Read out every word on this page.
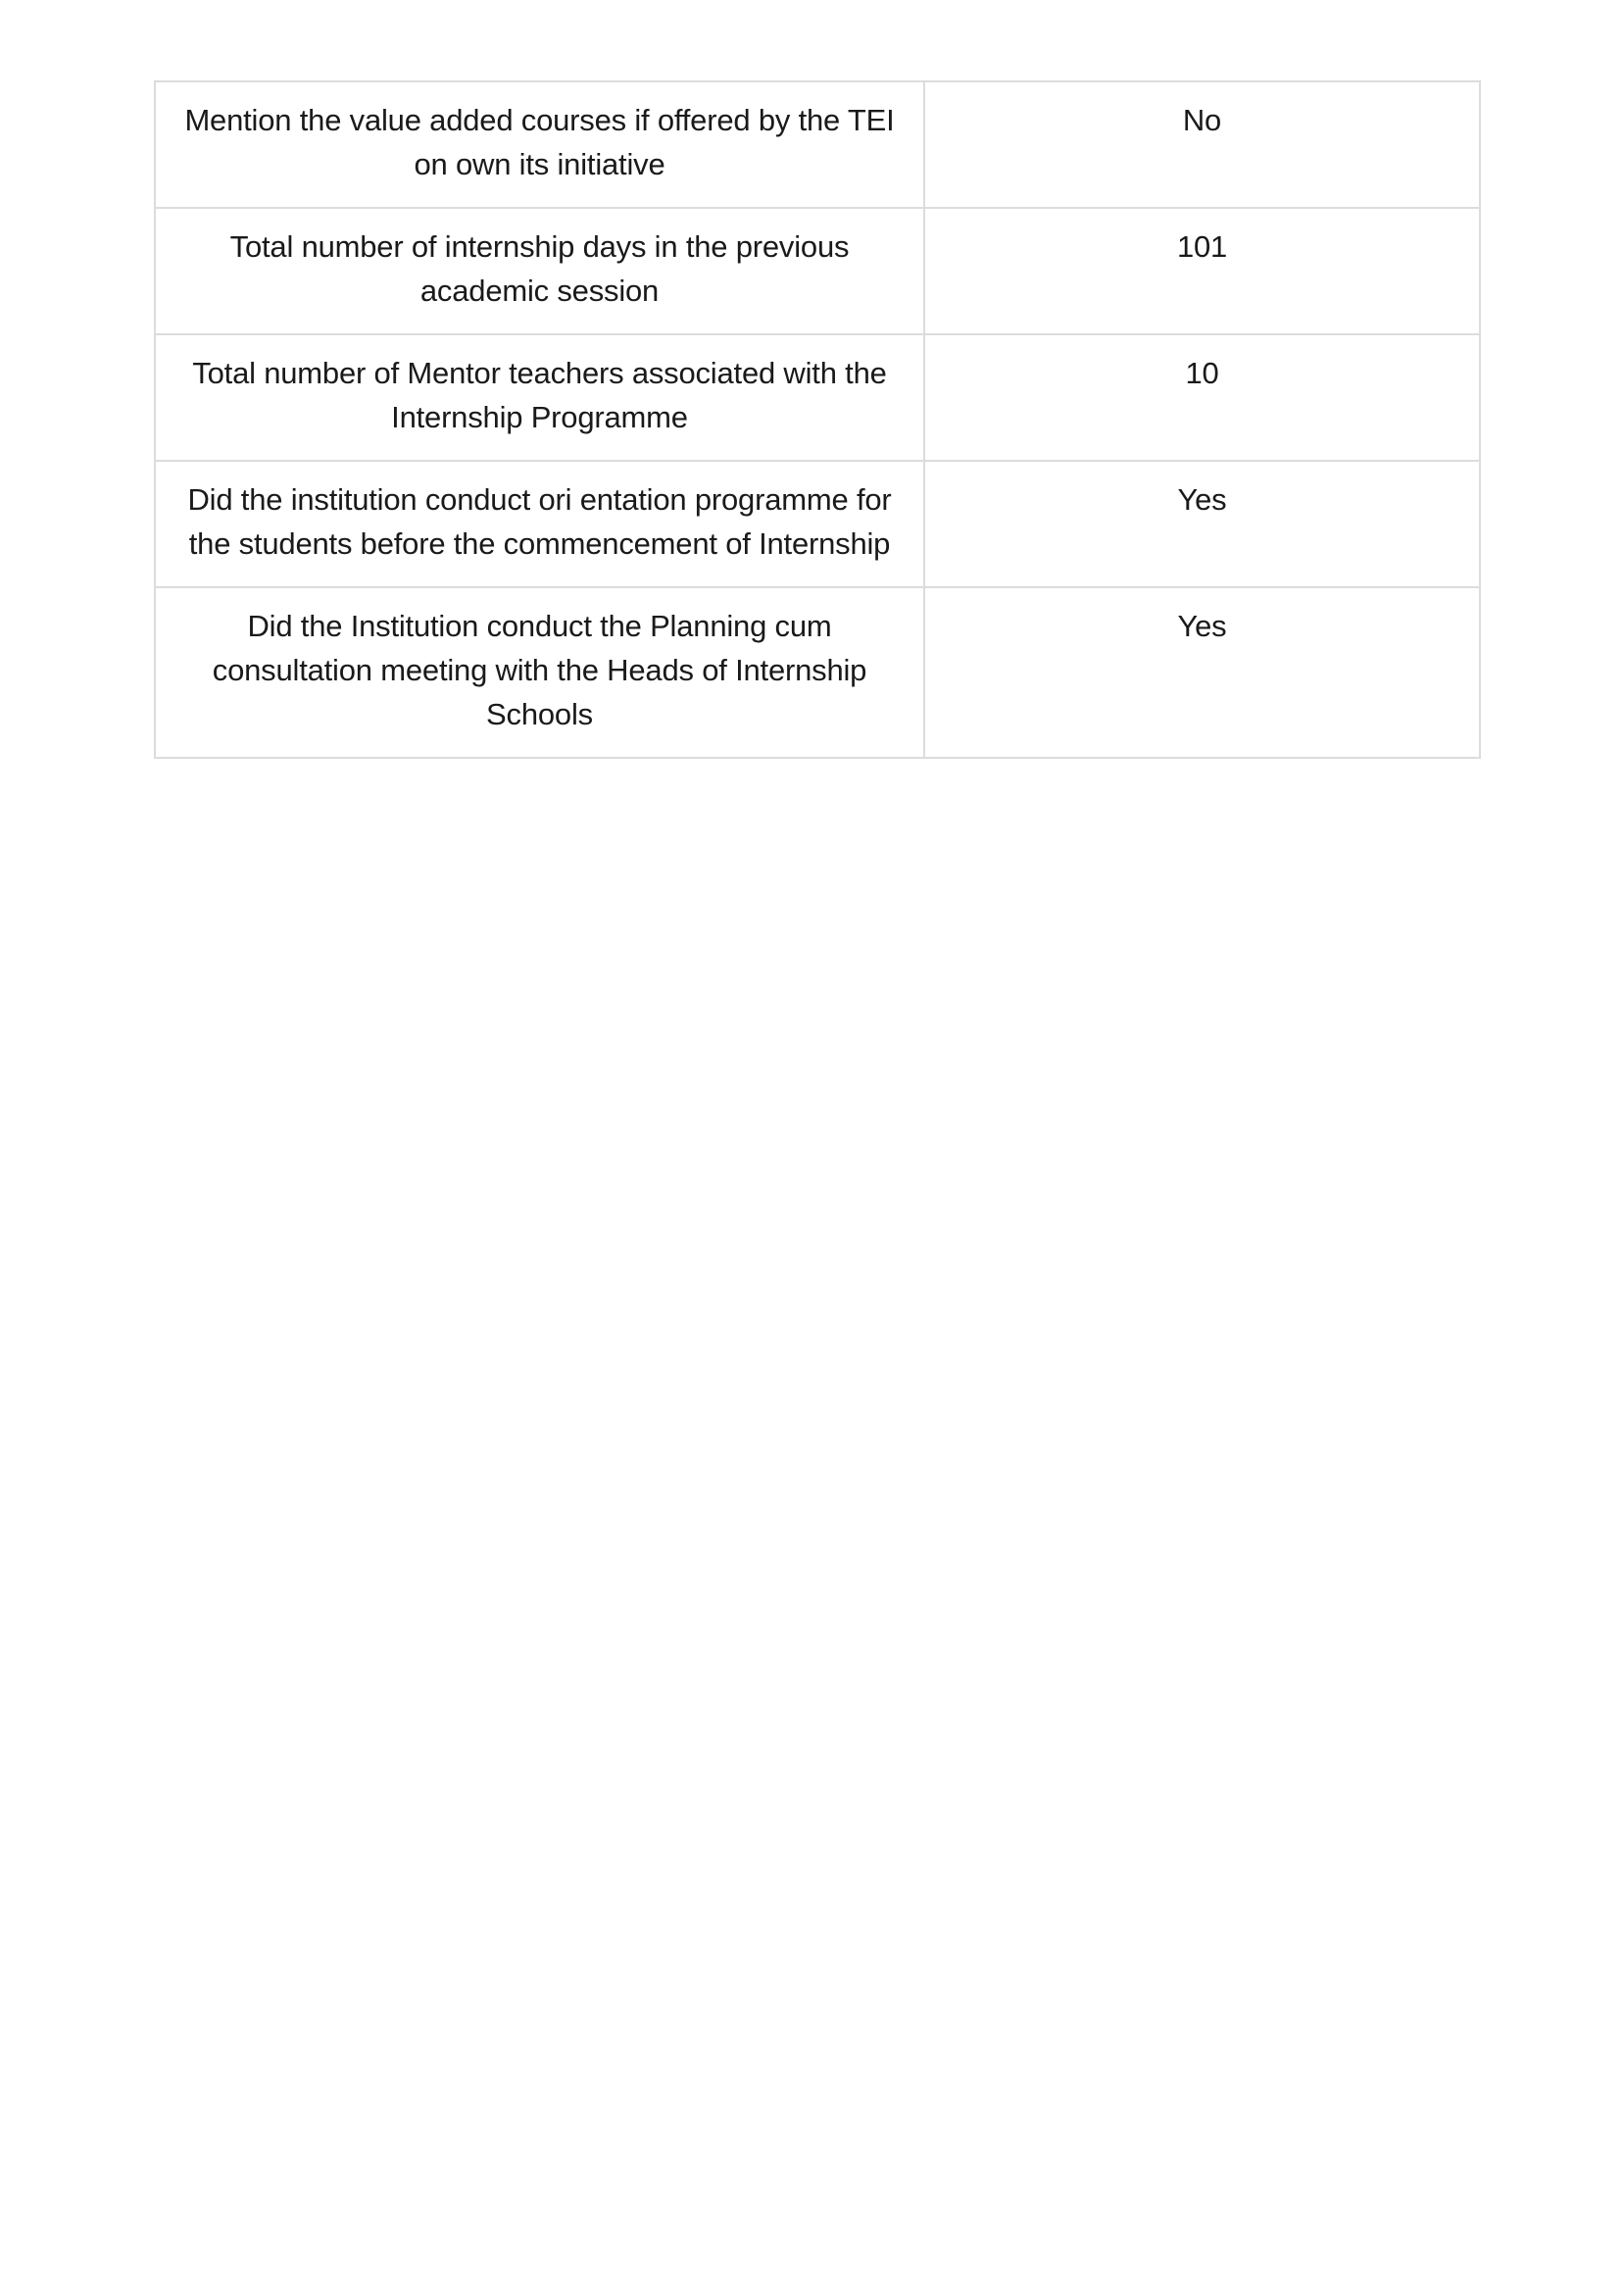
Mention the value added courses if offered by the TEI on own its initiative	No
Total number of internship days in the previous academic session	101
Total number of Mentor teachers associated with the Internship Programme	10
Did the institution conduct ori entation programme for the students before the commencement of Internship	Yes
Did the Institution conduct the Planning cum consultation meeting with the Heads of Internship Schools	Yes
